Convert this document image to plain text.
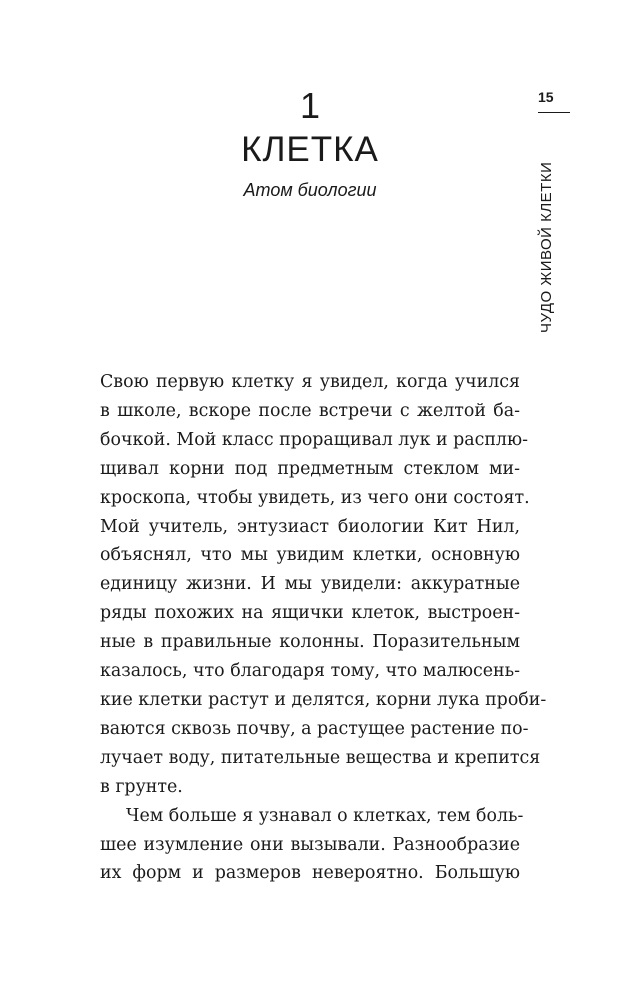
1
КЛЕТКА
Атом биологии
15
ЧУДО ЖИВОЙ КЛЕТКИ

Свою первую клетку я увидел, когда учился
в школе, вскоре после встречи с желтой ба-
бочкой. Мой класс проращивал лук и расплю-
щивал корни под предметным стеклом ми-
кроскопа, чтобы увидеть, из чего они состоят.
Мой учитель, энтузиаст биологии Кит Нил,
объяснял, что мы увидим клетки, основную
единицу жизни. И мы увидели: аккуратные
ряды похожих на ящички клеток, выстроен-
ные в правильные колонны. Поразительным
казалось, что благодаря тому, что малюсень-
кие клетки растут и делятся, корни лука проби-
ваются сквозь почву, а растущее растение по-
лучает воду, питательные вещества и крепится
в грунте.

Чем больше я узнавал о клетках, тем боль-
шее изумление они вызывали. Разнообразие
их форм и размеров невероятно. Большую
